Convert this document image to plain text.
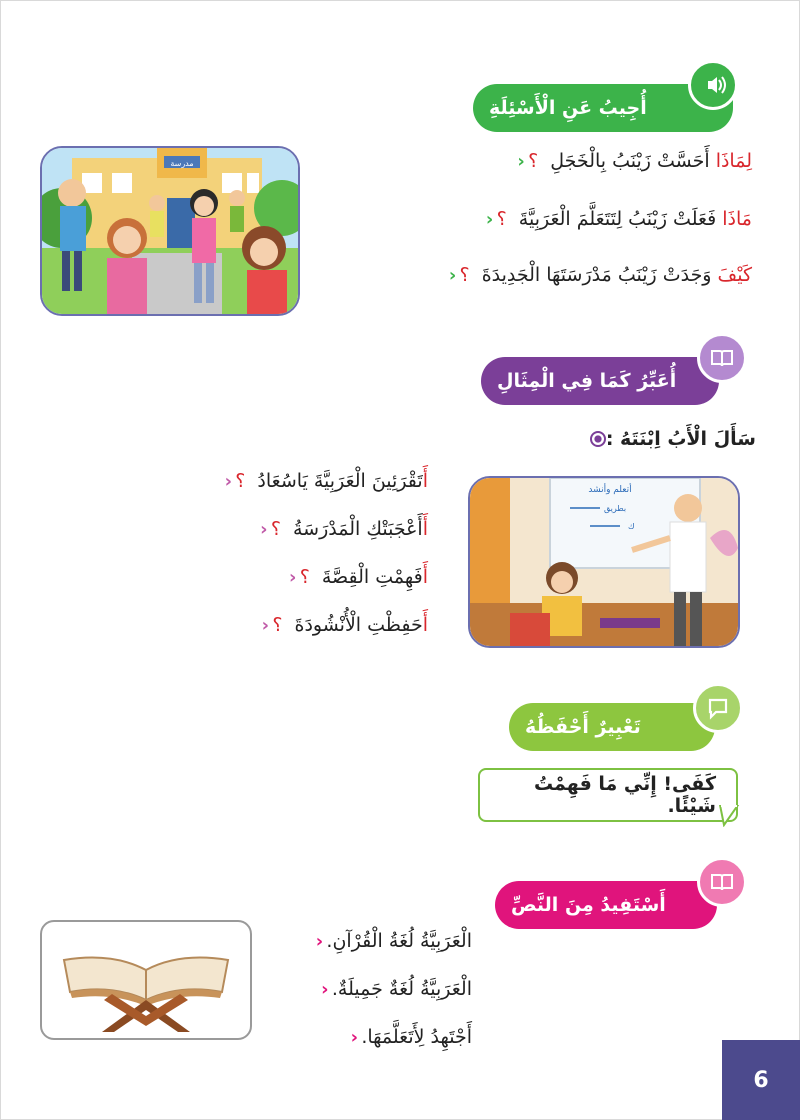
أُجِيبُ عَنِ الْأَسْئِلَةِ
‹	لِمَاذَا أَحَسَّتْ زَيْنَبُ بِالْخَجَلِ ؟
‹	مَاذَا فَعَلَتْ زَيْنَبُ لِتَتَعَلَّمَ الْعَرَبِيَّةَ ؟
‹	كَيْفَ وَجَدَتْ زَيْنَبُ مَدْرَسَتَهَا الْجَدِيدَةَ ؟
مدرسة
أُعَبِّرُ كَمَا فِي الْمِثَالِ
سَأَلَ الْأَبُ اِبْنَتَهُ :
‹	أَتَقْرَئِينَ الْعَرَبِيَّةَ يَاسُعَادُ ؟
‹	أَأَعْجَبَتْكِ الْمَدْرَسَةُ ؟
‹	أَفَهِمْتِ الْقِصَّةَ ؟
‹	أَحَفِظْتِ الْأُنْشُودَةَ ؟
أتعلم وأنشد
بطريق
ك
تَعْبِيرٌ أَحْفَظُهُ
كَفَى! إِنِّي مَا فَهِمْتُ شَيْئًا.
أَسْتَفِيدُ مِنَ النَّصِّ
‹ الْعَرَبِيَّةُ لُغَةُ الْقُرْآنِ.
‹ الْعَرَبِيَّةُ لُغَةٌ جَمِيلَةٌ.
‹ أَجْتَهِدُ لِأَتَعَلَّمَهَا.
6
